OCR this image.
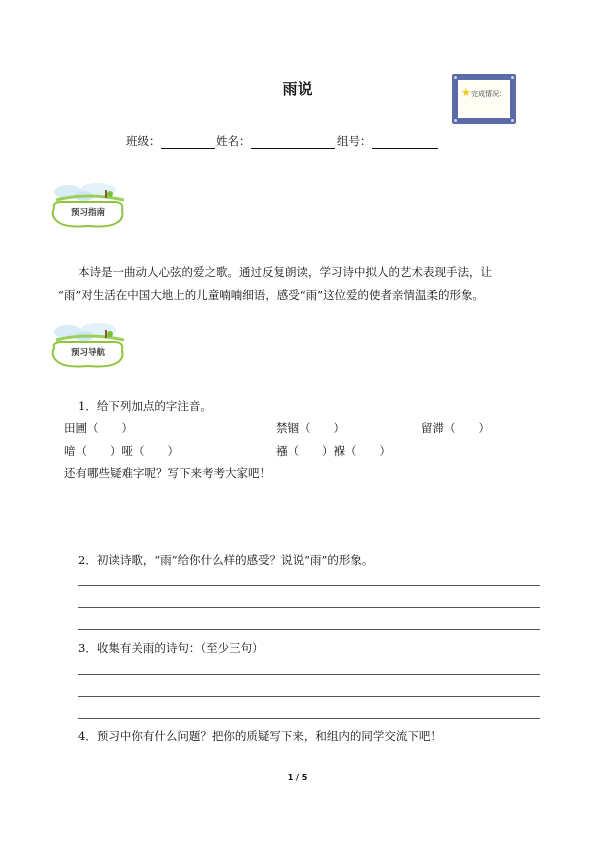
雨说	★ 完成情况：
班级：	姓名：	组号：
预习指南
本诗是一曲动人心弦的爱之歌。通过反复朗读，学习诗中拟人的艺术表现手法，让
“雨”对生活在中国大地上的儿童喃喃细语，感受“雨”这位爱的使者亲情温柔的形象。
预习导航
1．给下列加点的字注音。
田圃（　　）	禁锢（　　）	留滞（　　）
喑（　　）哑（　　）	襁（　　）褓（　　）
还有哪些疑难字呢？写下来考考大家吧！
2．初读诗歌，“雨”给你什么样的感受？说说“雨”的形象。
3．收集有关雨的诗句：（至少三句）
4．预习中你有什么问题？把你的质疑写下来，和组内的同学交流下吧！
1 / 5
